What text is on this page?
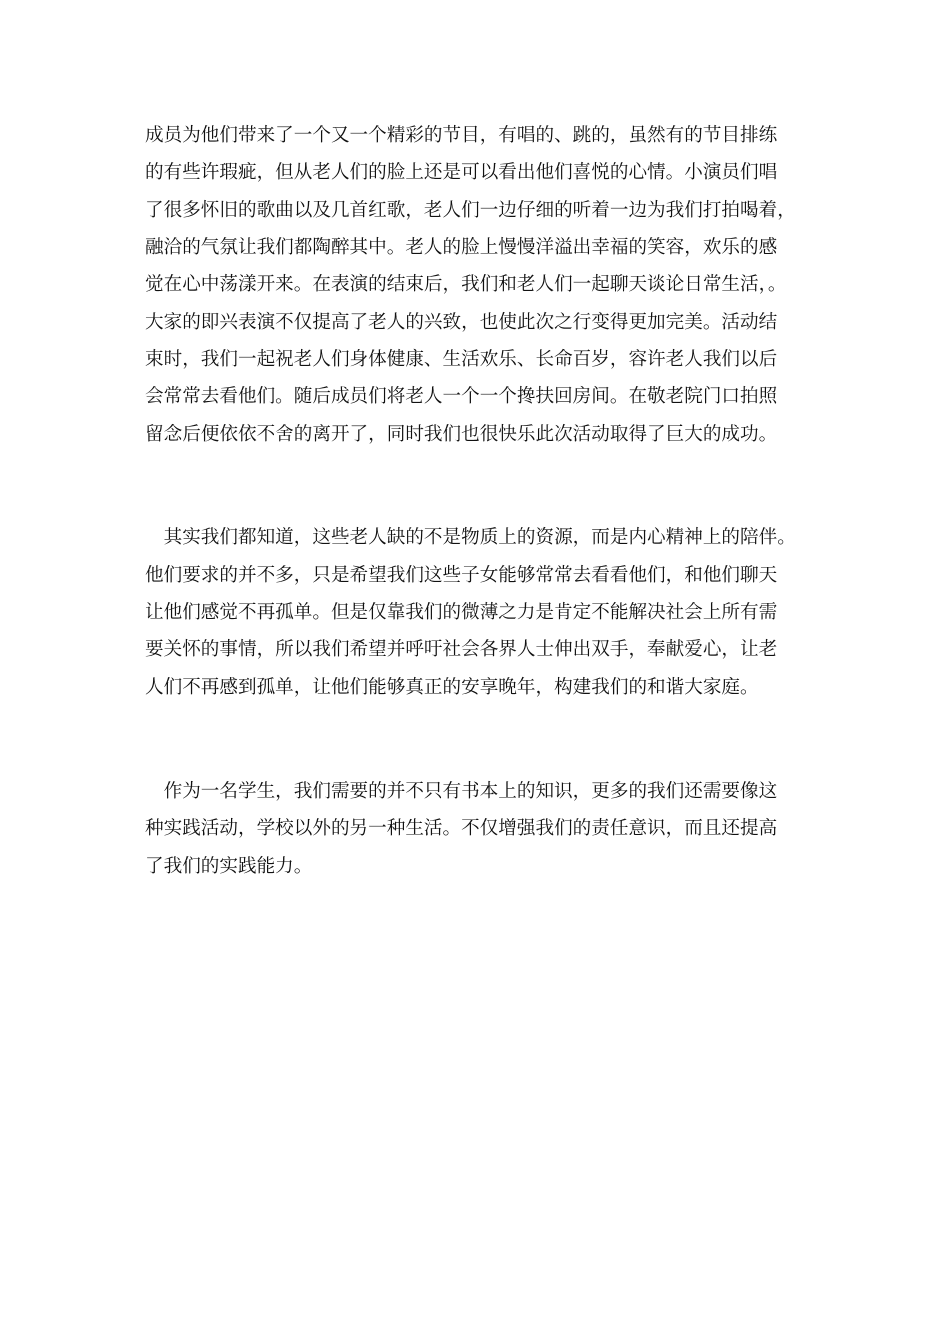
成员为他们带来了一个又一个精彩的节目，有唱的、跳的，虽然有的节目排练
的有些许瑕疵，但从老人们的脸上还是可以看出他们喜悦的心情。小演员们唱
了很多怀旧的歌曲以及几首红歌，老人们一边仔细的听着一边为我们打拍喝着，
融洽的气氛让我们都陶醉其中。老人的脸上慢慢洋溢出幸福的笑容，欢乐的感
觉在心中荡漾开来。在表演的结束后，我们和老人们一起聊天谈论日常生活，。
大家的即兴表演不仅提高了老人的兴致，也使此次之行变得更加完美。活动结
束时，我们一起祝老人们身体健康、生活欢乐、长命百岁，容许老人我们以后
会常常去看他们。随后成员们将老人一个一个搀扶回房间。在敬老院门口拍照
留念后便依依不舍的离开了，同时我们也很快乐此次活动取得了巨大的成功。
　其实我们都知道，这些老人缺的不是物质上的资源，而是内心精神上的陪伴。
他们要求的并不多，只是希望我们这些子女能够常常去看看他们，和他们聊天
让他们感觉不再孤单。但是仅靠我们的微薄之力是肯定不能解决社会上所有需
要关怀的事情，所以我们希望并呼吁社会各界人士伸出双手，奉献爱心，让老
人们不再感到孤单，让他们能够真正的安享晚年，构建我们的和谐大家庭。
　作为一名学生，我们需要的并不只有书本上的知识，更多的我们还需要像这
种实践活动，学校以外的另一种生活。不仅增强我们的责任意识，而且还提高
了我们的实践能力。
